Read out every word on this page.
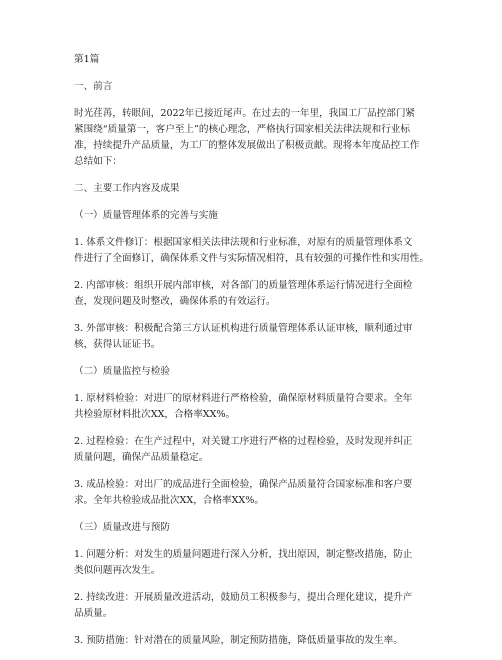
第1篇
一、前言
时光荏苒，转眼间，2022年已接近尾声。在过去的一年里，我国工厂品控部门紧
紧围绕“质量第一，客户至上”的核心理念，严格执行国家相关法律法规和行业标
准，持续提升产品质量，为工厂的整体发展做出了积极贡献。现将本年度品控工作
总结如下：
二、主要工作内容及成果
（一）质量管理体系的完善与实施
1. 体系文件修订：根据国家相关法律法规和行业标准，对原有的质量管理体系文
件进行了全面修订，确保体系文件与实际情况相符，具有较强的可操作性和实用性。
2. 内部审核：组织开展内部审核，对各部门的质量管理体系运行情况进行全面检
查，发现问题及时整改，确保体系的有效运行。
3. 外部审核：积极配合第三方认证机构进行质量管理体系认证审核，顺利通过审
核，获得认证证书。
（二）质量监控与检验
1. 原材料检验：对进厂的原材料进行严格检验，确保原材料质量符合要求。全年
共检验原材料批次XX，合格率XX%。
2. 过程检验：在生产过程中，对关键工序进行严格的过程检验，及时发现并纠正
质量问题，确保产品质量稳定。
3. 成品检验：对出厂的成品进行全面检验，确保产品质量符合国家标准和客户要
求。全年共检验成品批次XX，合格率XX%。
（三）质量改进与预防
1. 问题分析：对发生的质量问题进行深入分析，找出原因，制定整改措施，防止
类似问题再次发生。
2. 持续改进：开展质量改进活动，鼓励员工积极参与，提出合理化建议，提升产
品质量。
3. 预防措施：针对潜在的质量风险，制定预防措施，降低质量事故的发生率。
